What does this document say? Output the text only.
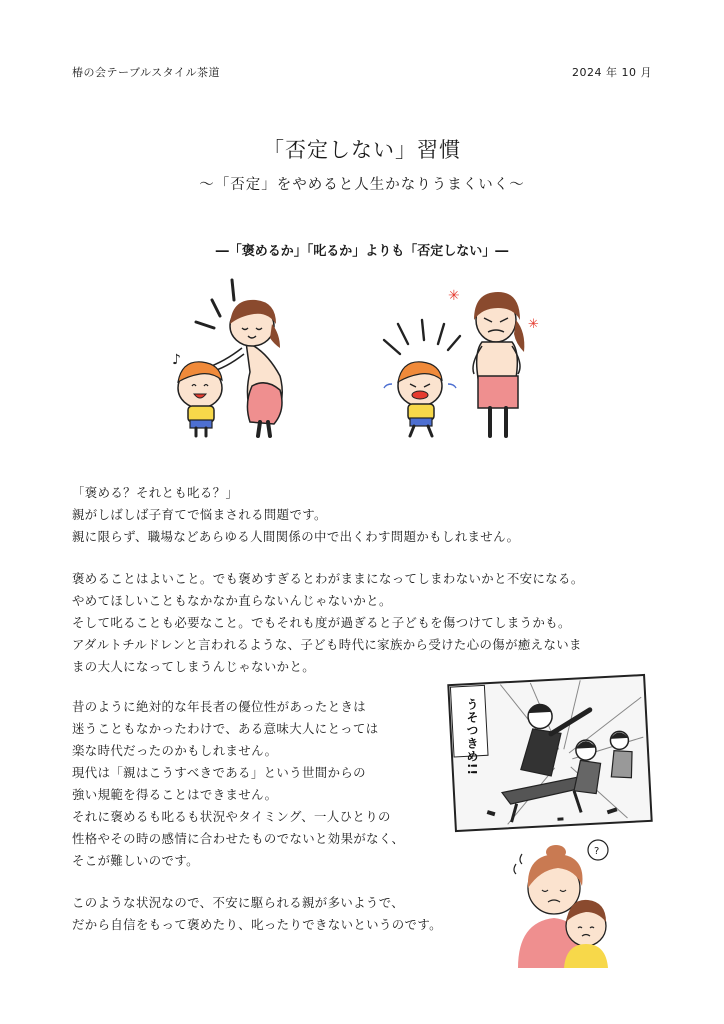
椿の会テーブルスタイル茶道	2024 年 10 月
「否定しない」習慣
〜「否定」をやめると人生かなりうまくいく〜
―「褒めるか」「叱るか」よりも「否定しない」―
♪
✳
✳
「褒める？それとも叱る？」
親がしばしば子育てで悩まされる問題です。
親に限らず、職場などあらゆる人間関係の中で出くわす問題かもしれません。
褒めることはよいこと。でも褒めすぎるとわがままになってしまわないかと不安になる。
やめてほしいこともなかなか直らないんじゃないかと。
そして叱ることも必要なこと。でもそれも度が過ぎると子どもを傷つけてしまうかも。
アダルトチルドレンと言われるような、子ども時代に家族から受けた心の傷が癒えないま
まの大人になってしまうんじゃないかと。
昔のように絶対的な年長者の優位性があったときは
迷うこともなかったわけで、ある意味大人にとっては
楽な時代だったのかもしれません。
現代は「親はこうすべきである」という世間からの
強い規範を得ることはできません。
それに褒めるも叱るも状況やタイミング、一人ひとりの
性格やその時の感情に合わせたものでないと効果がなく、
そこが難しいのです。
このような状況なので、不安に駆られる親が多いようで、
だから自信をもって褒めたり、叱ったりできないというのです。
うそつきめ!!
?
